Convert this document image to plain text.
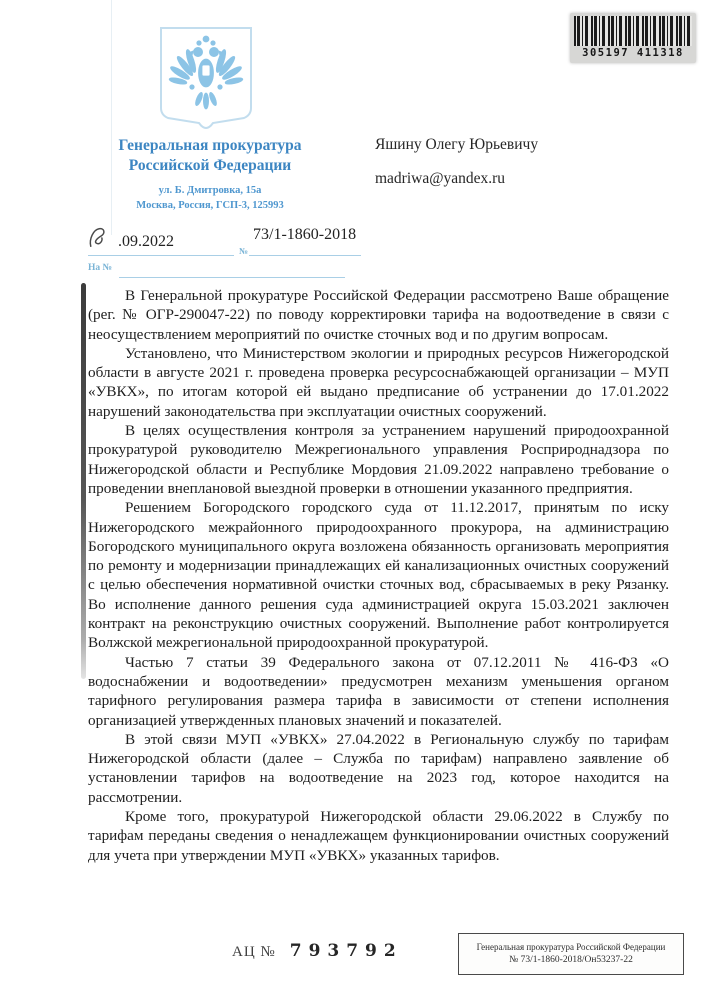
305197 411318
Генеральная прокуратура
Российской Федерации
ул. Б. Дмитровка, 15а
Москва, Россия, ГСП-3, 125993
.09.2022
№
73/1-1860-2018
На №
Яшину Олегу Юрьевичу
madriwa@yandex.ru

В Генеральной прокуратуре Российской Федерации рассмотрено Ваше обращение (рег. № ОГР-290047-22) по поводу корректировки тарифа на водоотведение в связи с неосуществлением мероприятий по очистке сточных вод и по другим вопросам.

Установлено, что Министерством экологии и природных ресурсов Нижегородской области в августе 2021 г. проведена проверка ресурсоснабжающей организации – МУП «УВКХ», по итогам которой ей выдано предписание об устранении до 17.01.2022 нарушений законодательства при эксплуатации очистных сооружений.

В целях осуществления контроля за устранением нарушений природоохранной прокуратурой руководителю Межрегионального управления Росприроднадзора по Нижегородской области и Республике Мордовия 21.09.2022 направлено требование о проведении внеплановой выездной проверки в отношении указанного предприятия.

Решением Богородского городского суда от 11.12.2017, принятым по иску Нижегородского межрайонного природоохранного прокурора, на администрацию Богородского муниципального округа возложена обязанность организовать мероприятия по ремонту и модернизации принадлежащих ей канализационных очистных сооружений с целью обеспечения нормативной очистки сточных вод, сбрасываемых в реку Рязанку. Во исполнение данного решения суда администрацией округа 15.03.2021 заключен контракт на реконструкцию очистных сооружений. Выполнение работ контролируется Волжской межрегиональной природоохранной прокуратурой.

Частью 7 статьи 39 Федерального закона от 07.12.2011 № 416-ФЗ «О водоснабжении и водоотведении» предусмотрен механизм уменьшения органом тарифного регулирования размера тарифа в зависимости от степени исполнения организацией утвержденных плановых значений и показателей.

В этой связи МУП «УВКХ» 27.04.2022 в Региональную службу по тарифам Нижегородской области (далее – Служба по тарифам) направлено заявление об установлении тарифов на водоотведение на 2023 год, которое находится на рассмотрении.

Кроме того, прокуратурой Нижегородской области 29.06.2022 в Службу по тарифам переданы сведения о ненадлежащем функционировании очистных сооружений для учета при утверждении МУП «УВКХ» указанных тарифов.

АЦ № 793792	Генеральная прокуратура Российской Федерации
№ 73/1-1860-2018/Он53237-22
